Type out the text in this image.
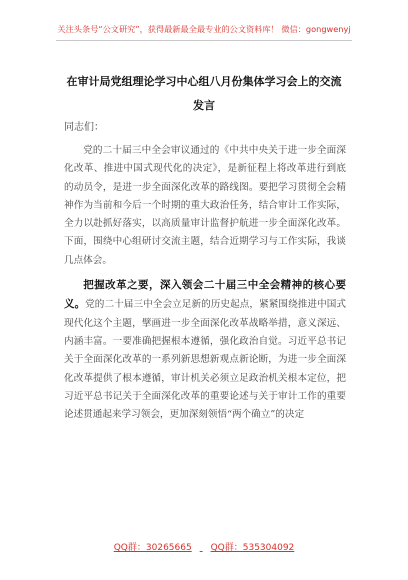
关注头条号“公文研究”，获得最新最全最专业的公文资料库！ 微信：gongwenyj
在审计局党组理论学习中心组八月份集体学习会上的交流
发言
同志们：

党的二十届三中全会审议通过的《中共中央关于进一步全面深化改革、推进中国式现代化的决定》，是新征程上将改革进行到底的动员令，是进一步全面深化改革的路线图。要把学习贯彻全会精神作为当前和今后一个时期的重大政治任务，结合审计工作实际，全力以赴抓好落实，以高质量审计监督护航进一步全面深化改革。下面，围绕中心组研讨交流主题，结合近期学习与工作实际，我谈几点体会。

把握改革之要，深入领会二十届三中全会精神的核心要义。党的二十届三中全会立足新的历史起点，紧紧围绕推进中国式现代化这个主题，擘画进一步全面深化改革战略举措，意义深远、内涵丰富。一要准确把握根本遵循，强化政治自觉。习近平总书记关于全面深化改革的一系列新思想新观点新论断，为进一步全面深化改革提供了根本遵循，审计机关必须立足政治机关根本定位，把习近平总书记关于全面深化改革的重要论述与关于审计工作的重要论述贯通起来学习领会，更加深刻领悟“两个确立”的决定

QQ群：30265665 QQ群：535304092
